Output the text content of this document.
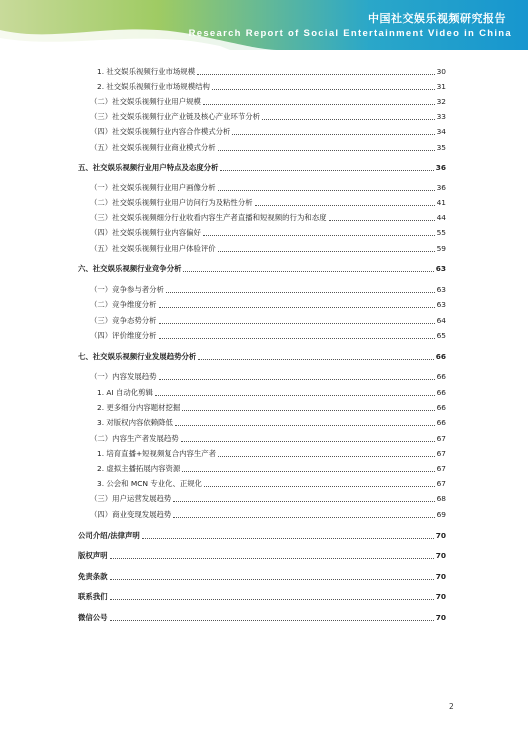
中国社交娱乐视频研究报告
Research Report of Social Entertainment Video in China
1. 社交娱乐视频行业市场规模	30
2. 社交娱乐视频行业市场规模结构	31
（二）社交娱乐视频行业用户规模	32
（三）社交娱乐视频行业产业链及核心产业环节分析	33
（四）社交娱乐视频行业内容合作模式分析	34
（五）社交娱乐视频行业商业模式分析	35
五、社交娱乐视频行业用户特点及态度分析	36
（一）社交娱乐视频行业用户画像分析	36
（二）社交娱乐视频行业用户访问行为及粘性分析	41
（三）社交娱乐视频细分行业收看内容生产者直播和短视频的行为和态度	44
（四）社交娱乐视频行业内容偏好	55
（五）社交娱乐视频行业用户体验评价	59
六、社交娱乐视频行业竞争分析	63
（一）竞争参与者分析	63
（二）竞争维度分析	63
（三）竞争态势分析	64
（四）评价维度分析	65
七、社交娱乐视频行业发展趋势分析	66
（一）内容发展趋势	66
1. AI 自动化剪辑	66
2. 更多细分内容题材挖掘	66
3. 对版权内容依赖降低	66
（二）内容生产者发展趋势	67
1. 培育直播+短视频复合内容生产者	67
2. 虚拟主播拓展内容资源	67
3. 公会和 MCN 专业化、正规化	67
（三）用户运营发展趋势	68
（四）商业变现发展趋势	69
公司介绍/法律声明	70
版权声明	70
免责条款	70
联系我们	70
微信公号	70
2
